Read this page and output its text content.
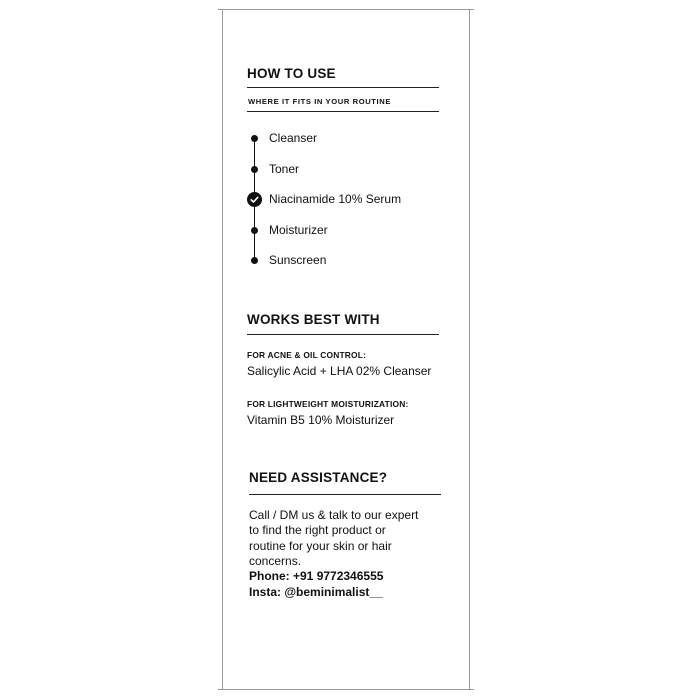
HOW TO USE
WHERE IT FITS IN YOUR ROUTINE
Cleanser
Toner
Niacinamide 10% Serum
Moisturizer
Sunscreen
WORKS BEST WITH
FOR ACNE & OIL CONTROL:
Salicylic Acid + LHA 02% Cleanser
FOR LIGHTWEIGHT MOISTURIZATION:
Vitamin B5 10% Moisturizer
NEED ASSISTANCE?
Call / DM us & talk to our expert
to find the right product or
routine for your skin or hair
concerns.
Phone: +91 9772346555
Insta: @beminimalist__
